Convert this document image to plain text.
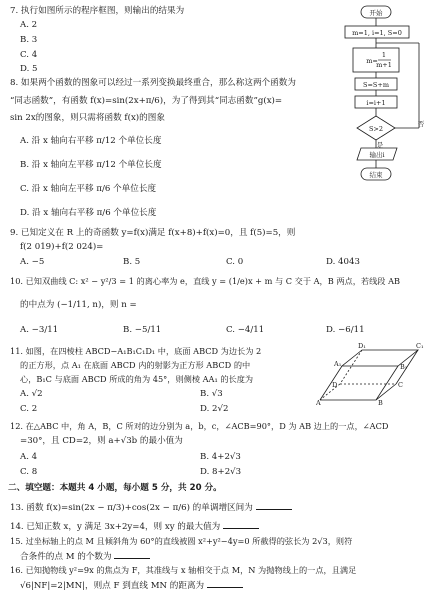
7. 执行如图所示的程序框图，则输出的结果为
A. 2
B. 3
C. 4
D. 5
开始
m=1, i=1, S=0
m=
1
m+1
S=S+m
i=i+1
S>2
是
否
输出i
结束
8. 如果两个函数的图象可以经过一系列变换最终重合，那么称这两个函数为
“同志函数”，有函数 f(x)=sin(2x+π/6)，为了得到其“同志函数”g(x)=
sin 2x的图象，则只需将函数 f(x)的图象
A. 沿 x 轴向右平移 π/12 个单位长度
B. 沿 x 轴向左平移 π/12 个单位长度
C. 沿 x 轴向左平移 π/6 个单位长度
D. 沿 x 轴向右平移 π/6 个单位长度
9. 已知定义在 R 上的奇函数 y=f(x)满足 f(x+8)+f(x)=0，且 f(5)=5，则
f(2 019)+f(2 024)=
A. −5	B. 5	C. 0	D. 4043
10. 已知双曲线 C: x² − y²/3 = 1 的离心率为 e，直线 y = (1/e)x + m 与 C 交于 A，B 两点，若线段 AB
的中点为 (−1/11, n)，则 n =
A. −3/11	B. −5/11	C. −4/11	D. −6/11
11. 如图，在四棱柱 ABCD−A₁B₁C₁D₁ 中，底面 ABCD 为边长为 2
的正方形，点 A₁ 在底面 ABCD 内的射影为正方形 ABCD 的中
心，B₁C 与底面 ABCD 所成的角为 45°，则侧棱 AA₁ 的长度为
A. √2	B. √3
C. 2	D. 2√2
D₁	C₁
A₁	B₁
D	C
A	B
12. 在△ABC 中，角 A，B，C 所对的边分别为 a，b，c，∠ACB=90°，D 为 AB 边上的一点，∠ACD
=30°，且 CD=2，则 a+√3b 的最小值为
A. 4	B. 4+2√3
C. 8	D. 8+2√3
二、填空题：本题共 4 小题，每小题 5 分，共 20 分。
13. 函数 f(x)=sin(2x − π/3)+cos(2x − π/6) 的单调增区间为
14. 已知正数 x，y 满足 3x+2y=4，则 xy 的最大值为
15. 过坐标轴上的点 M 且倾斜角为 60°的直线被圆 x²+y²−4y=0 所截得的弦长为 2√3，则符
合条件的点 M 的个数为
16. 已知抛物线 y²=9x 的焦点为 F，其准线与 x 轴相交于点 M，N 为抛物线上的一点，且满足
√6|NF|=2|MN|，则点 F 到直线 MN 的距离为
